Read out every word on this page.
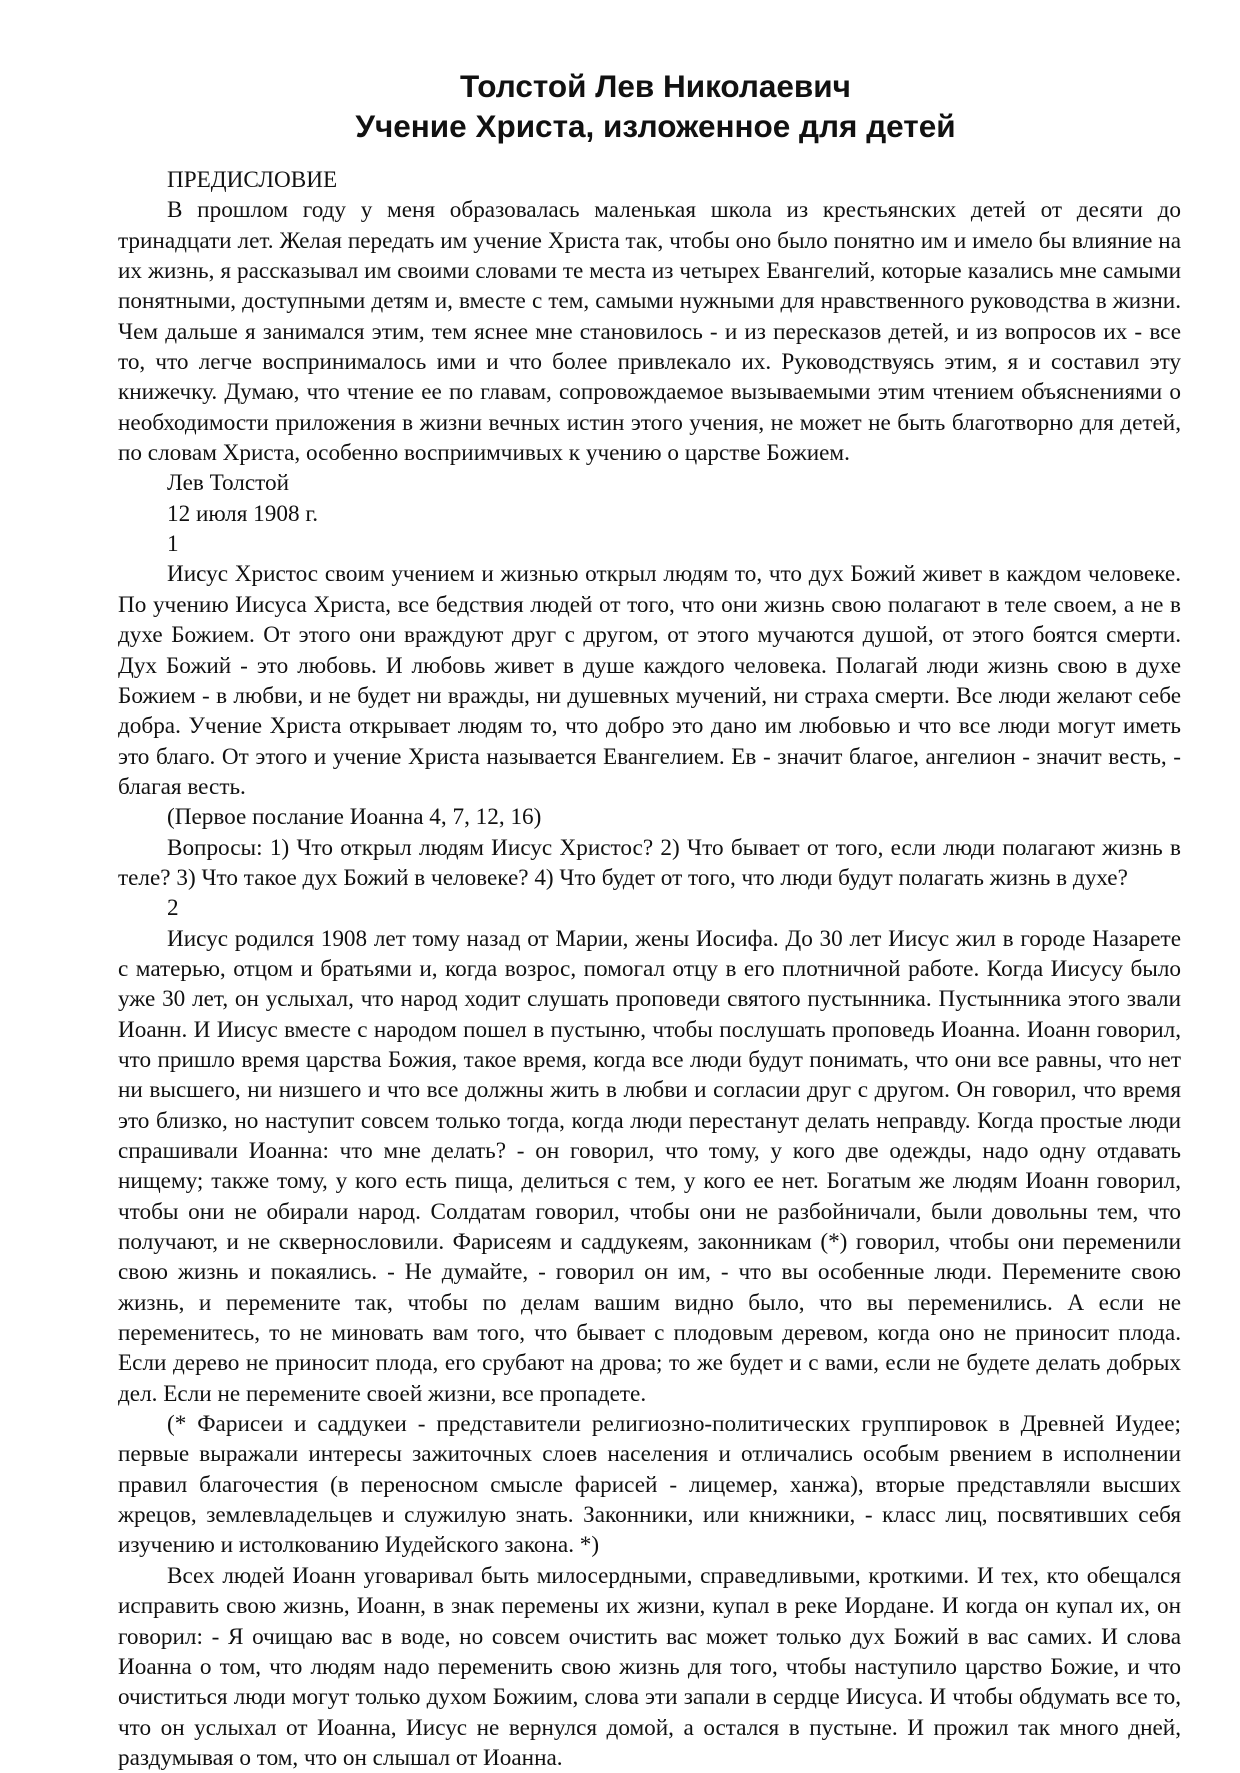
Толстой Лев Николаевич
Учение Христа, изложенное для детей

ПРЕДИСЛОВИЕ

В прошлом году у меня образовалась маленькая школа из крестьянских детей от десяти до тринадцати лет. Желая передать им учение Христа так, чтобы оно было понятно им и имело бы влияние на их жизнь, я рассказывал им своими словами те места из четырех Евангелий, которые казались мне самыми понятными, доступными детям и, вместе с тем, самыми нужными для нравственного руководства в жизни. Чем дальше я занимался этим, тем яснее мне становилось - и из пересказов детей, и из вопросов их - все то, что легче воспринималось ими и что более привлекало их. Руководствуясь этим, я и составил эту книжечку. Думаю, что чтение ее по главам, сопровождаемое вызываемыми этим чтением объяснениями о необходимости приложения в жизни вечных истин этого учения, не может не быть благотворно для детей, по словам Христа, особенно восприимчивых к учению о царстве Божием.

Лев Толстой

12 июля 1908 г.

1

Иисус Христос своим учением и жизнью открыл людям то, что дух Божий живет в каждом человеке. По учению Иисуса Христа, все бедствия людей от того, что они жизнь свою полагают в теле своем, а не в духе Божием. От этого они враждуют друг с другом, от этого мучаются душой, от этого боятся смерти. Дух Божий - это любовь. И любовь живет в душе каждого человека. Полагай люди жизнь свою в духе Божием - в любви, и не будет ни вражды, ни душевных мучений, ни страха смерти. Все люди желают себе добра. Учение Христа открывает людям то, что добро это дано им любовью и что все люди могут иметь это благо. От этого и учение Христа называется Евангелием. Ев - значит благое, ангелион - значит весть, - благая весть.

(Первое послание Иоанна 4, 7, 12, 16)

Вопросы: 1) Что открыл людям Иисус Христос? 2) Что бывает от того, если люди полагают жизнь в теле? 3) Что такое дух Божий в человеке? 4) Что будет от того, что люди будут полагать жизнь в духе?

2

Иисус родился 1908 лет тому назад от Марии, жены Иосифа. До 30 лет Иисус жил в городе Назарете с матерью, отцом и братьями и, когда возрос, помогал отцу в его плотничной работе. Когда Иисусу было уже 30 лет, он услыхал, что народ ходит слушать проповеди святого пустынника. Пустынника этого звали Иоанн. И Иисус вместе с народом пошел в пустыню, чтобы послушать проповедь Иоанна. Иоанн говорил, что пришло время царства Божия, такое время, когда все люди будут понимать, что они все равны, что нет ни высшего, ни низшего и что все должны жить в любви и согласии друг с другом. Он говорил, что время это близко, но наступит совсем только тогда, когда люди перестанут делать неправду. Когда простые люди спрашивали Иоанна: что мне делать? - он говорил, что тому, у кого две одежды, надо одну отдавать нищему; также тому, у кого есть пища, делиться с тем, у кого ее нет. Богатым же людям Иоанн говорил, чтобы они не обирали народ. Солдатам говорил, чтобы они не разбойничали, были довольны тем, что получают, и не сквернословили. Фарисеям и саддукеям, законникам (*) говорил, чтобы они переменили свою жизнь и покаялись. - Не думайте, - говорил он им, - что вы особенные люди. Перемените свою жизнь, и перемените так, чтобы по делам вашим видно было, что вы переменились. А если не переменитесь, то не миновать вам того, что бывает с плодовым деревом, когда оно не приносит плода. Если дерево не приносит плода, его срубают на дрова; то же будет и с вами, если не будете делать добрых дел. Если не перемените своей жизни, все пропадете.

(* Фарисеи и саддукеи - представители религиозно-политических группировок в Древней Иудее; первые выражали интересы зажиточных слоев населения и отличались особым рвением в исполнении правил благочестия (в переносном смысле фарисей - лицемер, ханжа), вторые представляли высших жрецов, землевладельцев и служилую знать. Законники, или книжники, - класс лиц, посвятивших себя изучению и истолкованию Иудейского закона. *)

Всех людей Иоанн уговаривал быть милосердными, справедливыми, кроткими. И тех, кто обещался исправить свою жизнь, Иоанн, в знак перемены их жизни, купал в реке Иордане. И когда он купал их, он говорил: - Я очищаю вас в воде, но совсем очистить вас может только дух Божий в вас самих. И слова Иоанна о том, что людям надо переменить свою жизнь для того, чтобы наступило царство Божие, и что очиститься люди могут только духом Божиим, слова эти запали в сердце Иисуса. И чтобы обдумать все то, что он услыхал от Иоанна, Иисус не вернулся домой, а остался в пустыне. И прожил так много дней, раздумывая о том, что он слышал от Иоанна.
